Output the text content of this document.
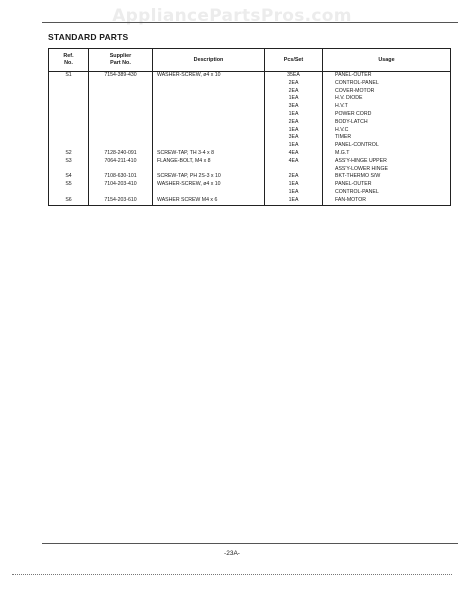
AppliancePartsPros.com
STANDARD PARTS
Ref.
No.	Supplier
Part No.	Description	Pcs/Set	Usage
S1	7154-389-430	WASHER-SCREW, ø4 x 10	35EA	PANEL-OUTER
			2EA	CONTROL-PANEL
			2EA	COVER-MOTOR
			1EA	H.V. DIODE
			3EA	H.V.T
			1EA	POWER CORD
			2EA	BODY-LATCH
			1EA	H.V.C
			3EA	TIMER
			1EA	PANEL-CONTROL
S2	7128-240-091	SCREW-TAP, TH 3-4 x 8	4EA	M.G.T
S3	7064-211-410	FLANGE-BOLT, M4 x 8	4EA	ASS'Y-HINGE UPPER
				ASS'Y-LOWER HINGE
S4	7108-630-101	SCREW-TAP, PH 2S-3 x 10	2EA	BKT-THERMO S/W
S5	7104-203-410	WASHER-SCREW, ø4 x 10	1EA	PANEL-OUTER
			1EA	CONTROL-PANEL
S6	7154-203-610	WASHER SCREW M4 x 6	1EA	FAN-MOTOR
-23A-
